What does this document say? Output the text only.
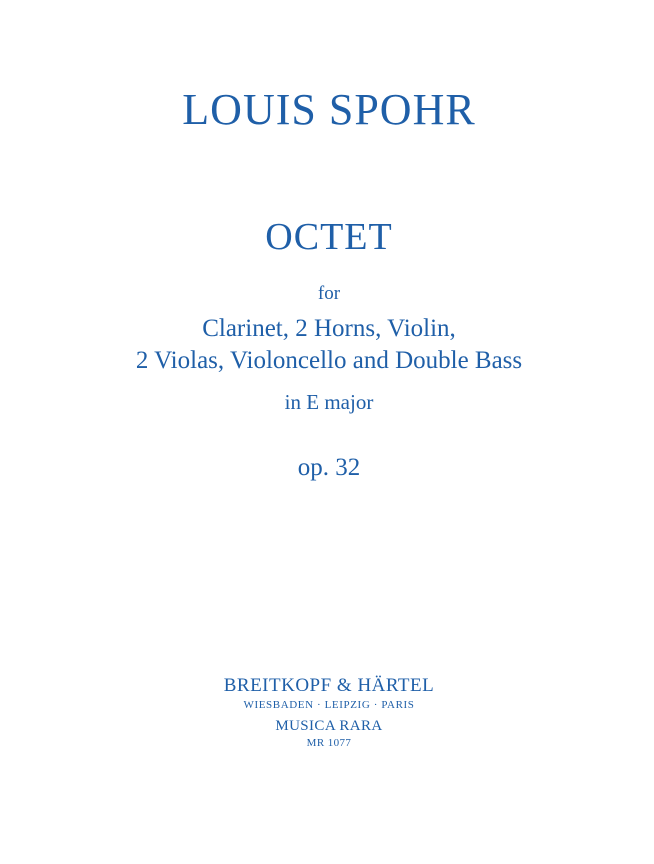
LOUIS SPOHR
OCTET
for
Clarinet, 2 Horns, Violin,
2 Violas, Violoncello and Double Bass
in E major
op. 32
BREITKOPF & HÄRTEL
WIESBADEN · LEIPZIG · PARIS
MUSICA RARA
MR 1077
